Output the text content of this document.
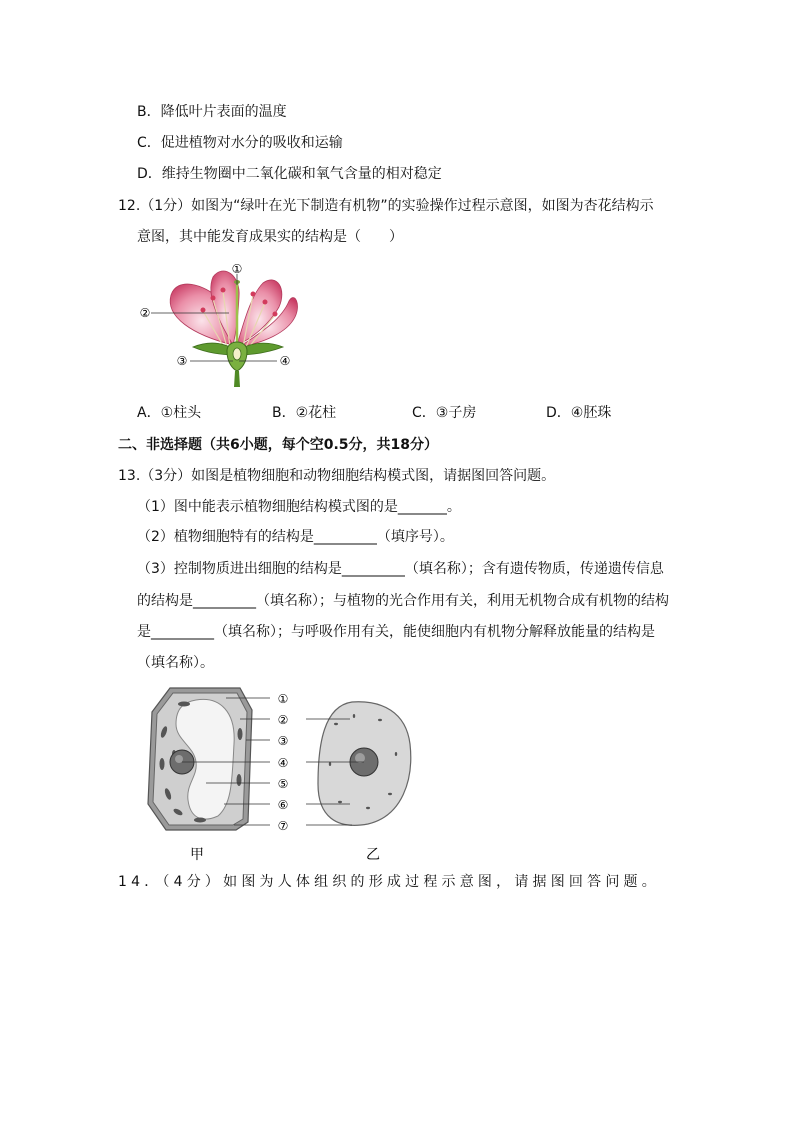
B．降低叶片表面的温度
C．促进植物对水分的吸收和运输
D．维持生物圈中二氧化碳和氧气含量的相对稳定
12.（1分）如图为“绿叶在光下制造有机物”的实验操作过程示意图，如图为杏花结构示
意图，其中能发育成果实的结构是（　　）
①
②
③	④
A．①柱头	B．②花柱	C．③子房	D．④胚珠
二、非选择题（共6小题，每个空0.5分，共18分）
13.（3分）如图是植物细胞和动物细胞结构模式图，请据图回答问题。
（1）图中能表示植物细胞结构模式图的是_______。
（2）植物细胞特有的结构是_________（填序号）。
（3）控制物质进出细胞的结构是_________（填名称）；含有遗传物质，传递遗传信息
的结构是_________（填名称）；与植物的光合作用有关，利用无机物合成有机物的结构
是_________（填名称）；与呼吸作用有关，能使细胞内有机物分解释放能量的结构是
（填名称）。
①
②
③
④
⑤
⑥
⑦
甲	乙
14．（4分）如图为人体组织的形成过程示意图，请据图回答问题。
